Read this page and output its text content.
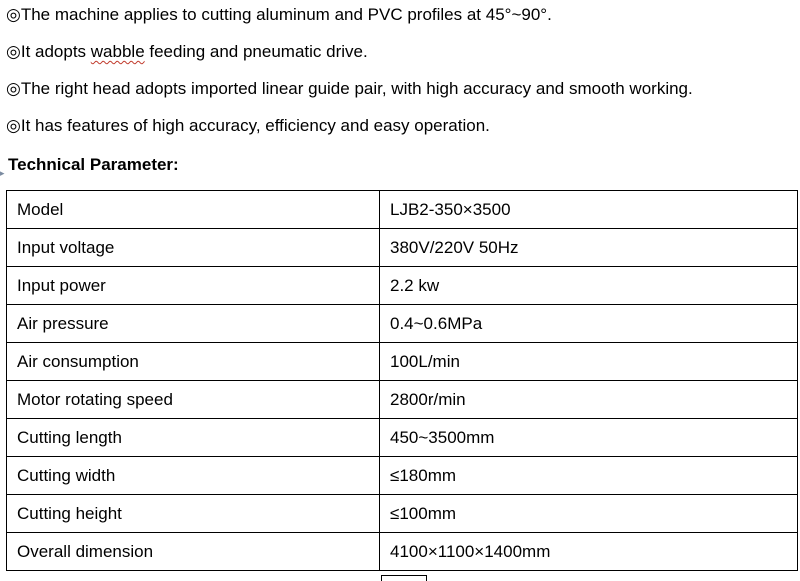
◎The machine applies to cutting aluminum and PVC profiles at 45°~90°.
◎It adopts wabble feeding and pneumatic drive.
◎The right head adopts imported linear guide pair, with high accuracy and smooth working.
◎It has features of high accuracy, efficiency and easy operation.
▸ Technical Parameter:
Model	LJB2-350×3500
Input voltage	380V/220V 50Hz
Input power	2.2 kw
Air pressure	0.4~0.6MPa
Air consumption	100L/min
Motor rotating speed	2800r/min
Cutting length	450~3500mm
Cutting width	≤180mm
Cutting height	≤100mm
Overall dimension	4100×1100×1400mm
